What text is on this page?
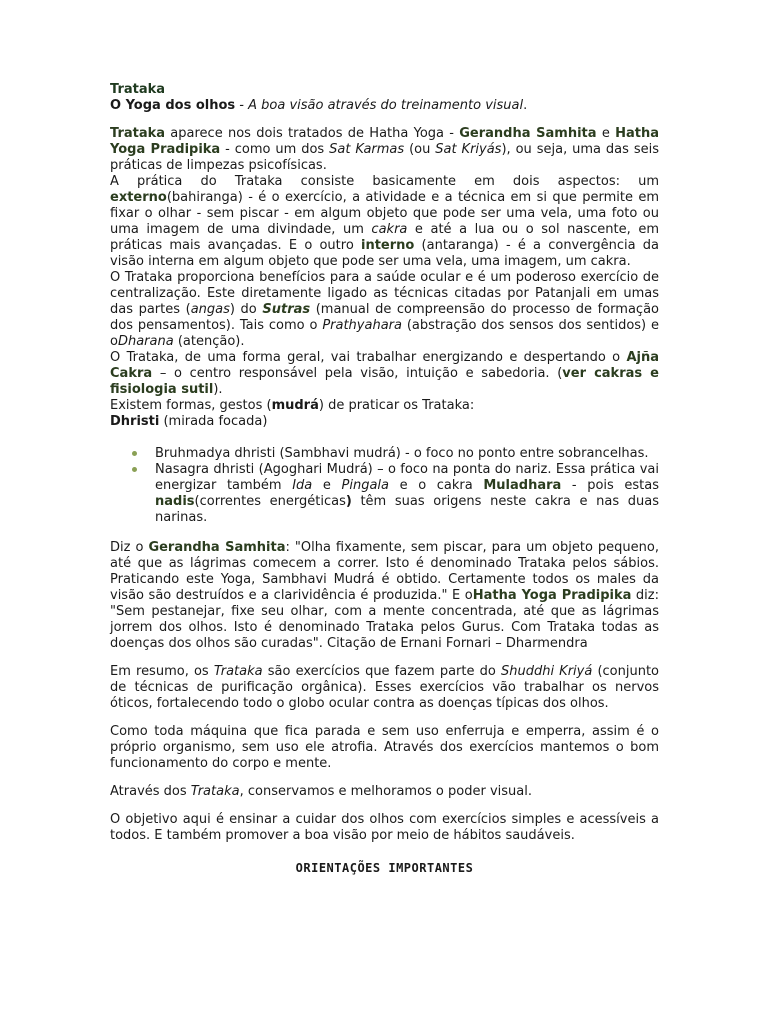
Trataka
O Yoga dos olhos - A boa visão através do treinamento visual.

Trataka aparece nos dois tratados de Hatha Yoga - Gerandha Samhita e Hatha Yoga Pradipika - como um dos Sat Karmas (ou Sat Kriyás), ou seja, uma das seis práticas de limpezas psicofísicas.

A prática do Trataka consiste basicamente em dois aspectos: um externo(bahiranga) - é o exercício, a atividade e a técnica em si que permite em fixar o olhar - sem piscar - em algum objeto que pode ser uma vela, uma foto ou uma imagem de uma divindade, um cakra e até a lua ou o sol nascente, em práticas mais avançadas. E o outro interno (antaranga) - é a convergência da visão interna em algum objeto que pode ser uma vela, uma imagem, um cakra.

O Trataka proporciona benefícios para a saúde ocular e é um poderoso exercício de centralização. Este diretamente ligado as técnicas citadas por Patanjali em umas das partes (angas) do Sutras (manual de compreensão do processo de formação dos pensamentos). Tais como o Prathyahara (abstração dos sensos dos sentidos) e oDharana (atenção).

O Trataka, de uma forma geral, vai trabalhar energizando e despertando o Ajña Cakra – o centro responsável pela visão, intuição e sabedoria. (ver cakras e fisiologia sutil).

Existem formas, gestos (mudrá) de praticar os Trataka:

Dhristi (mirada focada)

Bruhmadya dhristi (Sambhavi mudrá) - o foco no ponto entre sobrancelhas.
Nasagra dhristi (Agoghari Mudrá) – o foco na ponta do nariz. Essa prática vai energizar também Ida e Pingala e o cakra Muladhara - pois estas nadis(correntes energéticas) têm suas origens neste cakra e nas duas narinas.

Diz o Gerandha Samhita: "Olha fixamente, sem piscar, para um objeto pequeno, até que as lágrimas comecem a correr. Isto é denominado Trataka pelos sábios. Praticando este Yoga, Sambhavi Mudrá é obtido. Certamente todos os males da visão são destruídos e a clarividência é produzida." E oHatha Yoga Pradipika diz: "Sem pestanejar, fixe seu olhar, com a mente concentrada, até que as lágrimas jorrem dos olhos. Isto é denominado Trataka pelos Gurus. Com Trataka todas as doenças dos olhos são curadas". Citação de Ernani Fornari – Dharmendra

Em resumo, os Trataka são exercícios que fazem parte do Shuddhi Kriyá (conjunto de técnicas de purificação orgânica). Esses exercícios vão trabalhar os nervos óticos, fortalecendo todo o globo ocular contra as doenças típicas dos olhos.

Como toda máquina que fica parada e sem uso enferruja e emperra, assim é o próprio organismo, sem uso ele atrofia. Através dos exercícios mantemos o bom funcionamento do corpo e mente.

Através dos Trataka, conservamos e melhoramos o poder visual.

O objetivo aqui é ensinar a cuidar dos olhos com exercícios simples e acessíveis a todos. E também promover a boa visão por meio de hábitos saudáveis.

ORIENTAÇÕES IMPORTANTES
